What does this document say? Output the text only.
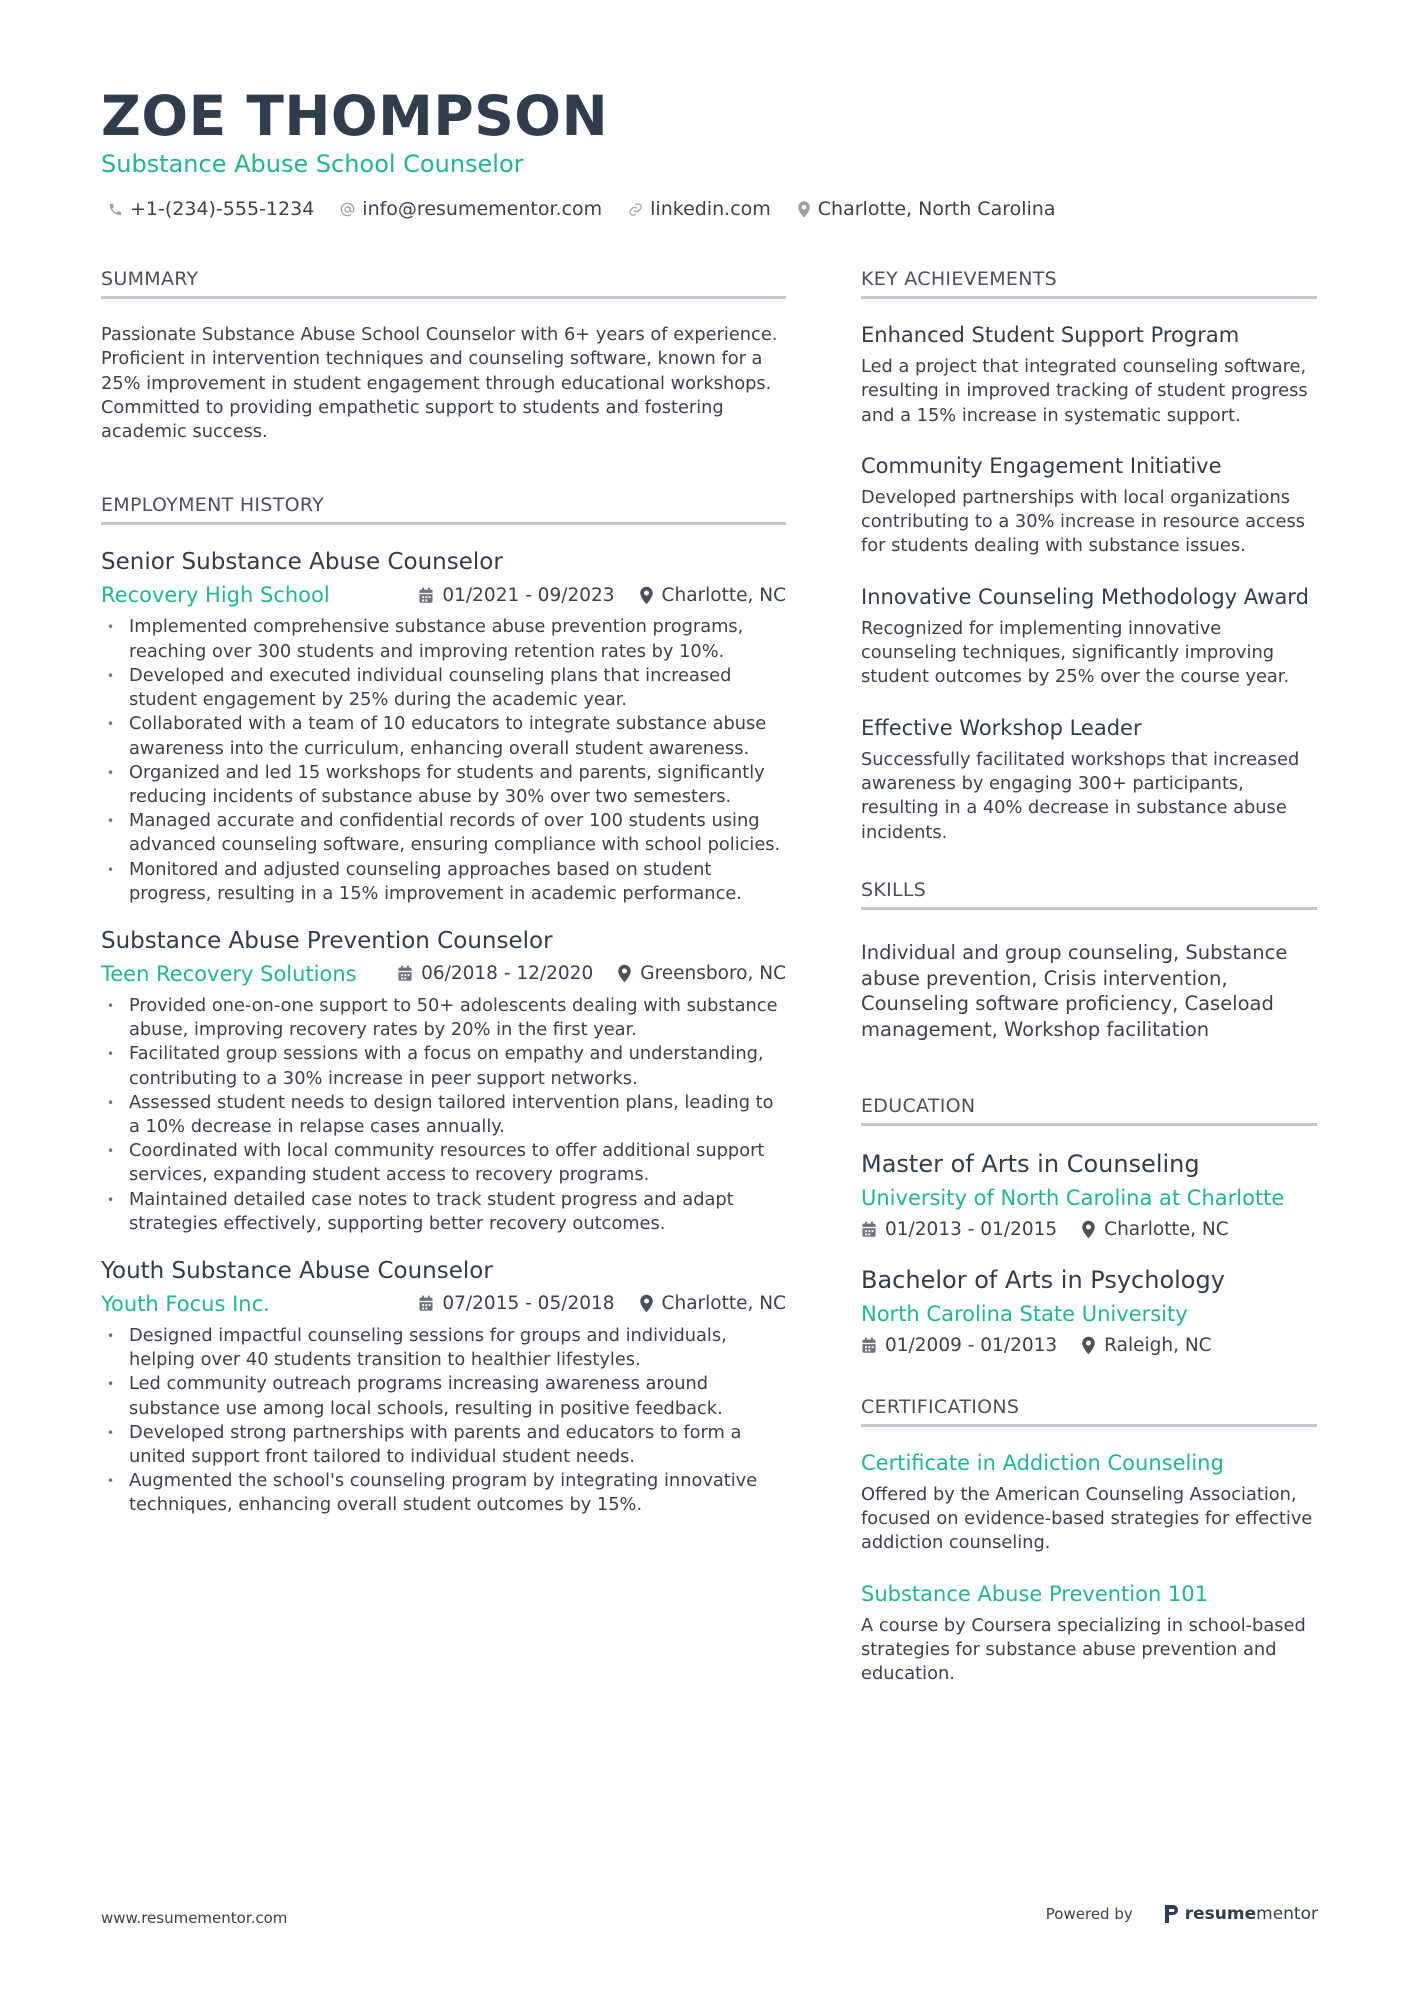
ZOE THOMPSON
Substance Abuse School Counselor
+1-(234)-555-1234	info@resumementor.com	linkedin.com Charlotte, North Carolina
SUMMARY
Passionate Substance Abuse School Counselor with 6+ years of experience. Proficient in intervention techniques and counseling software, known for a 25% improvement in student engagement through educational workshops. Committed to providing empathetic support to students and fostering academic success.
EMPLOYMENT HISTORY
Senior Substance Abuse Counselor
Recovery High School	01/2021 - 09/2023	Charlotte, NC
• Implemented comprehensive substance abuse prevention programs, reaching over 300 students and improving retention rates by 10%.
• Developed and executed individual counseling plans that increased student engagement by 25% during the academic year.
• Collaborated with a team of 10 educators to integrate substance abuse awareness into the curriculum, enhancing overall student awareness.
• Organized and led 15 workshops for students and parents, significantly reducing incidents of substance abuse by 30% over two semesters.
• Managed accurate and confidential records of over 100 students using advanced counseling software, ensuring compliance with school policies.
• Monitored and adjusted counseling approaches based on student progress, resulting in a 15% improvement in academic performance.
Substance Abuse Prevention Counselor
Teen Recovery Solutions	06/2018 - 12/2020	Greensboro, NC
• Provided one-on-one support to 50+ adolescents dealing with substance abuse, improving recovery rates by 20% in the first year.
• Facilitated group sessions with a focus on empathy and understanding, contributing to a 30% increase in peer support networks.
• Assessed student needs to design tailored intervention plans, leading to a 10% decrease in relapse cases annually.
• Coordinated with local community resources to offer additional support services, expanding student access to recovery programs.
• Maintained detailed case notes to track student progress and adapt strategies effectively, supporting better recovery outcomes.
Youth Substance Abuse Counselor
Youth Focus Inc.	07/2015 - 05/2018	Charlotte, NC
• Designed impactful counseling sessions for groups and individuals, helping over 40 students transition to healthier lifestyles.
• Led community outreach programs increasing awareness around substance use among local schools, resulting in positive feedback.
• Developed strong partnerships with parents and educators to form a united support front tailored to individual student needs.
• Augmented the school's counseling program by integrating innovative techniques, enhancing overall student outcomes by 15%.
KEY ACHIEVEMENTS
Enhanced Student Support Program
Led a project that integrated counseling software, resulting in improved tracking of student progress and a 15% increase in systematic support.
Community Engagement Initiative
Developed partnerships with local organizations contributing to a 30% increase in resource access for students dealing with substance issues.
Innovative Counseling Methodology Award
Recognized for implementing innovative counseling techniques, significantly improving student outcomes by 25% over the course year.
Effective Workshop Leader
Successfully facilitated workshops that increased awareness by engaging 300+ participants, resulting in a 40% decrease in substance abuse incidents.
SKILLS
Individual and group counseling, Substance abuse prevention, Crisis intervention, Counseling software proficiency, Caseload management, Workshop facilitation
EDUCATION
Master of Arts in Counseling
University of North Carolina at Charlotte
01/2013 - 01/2015	Charlotte, NC
Bachelor of Arts in Psychology
North Carolina State University
01/2009 - 01/2013	Raleigh, NC
CERTIFICATIONS
Certificate in Addiction Counseling
Offered by the American Counseling Association, focused on evidence-based strategies for effective addiction counseling.
Substance Abuse Prevention 101
A course by Coursera specializing in school-based strategies for substance abuse prevention and education.
www.resumementor.com	Powered by	resume mentor
